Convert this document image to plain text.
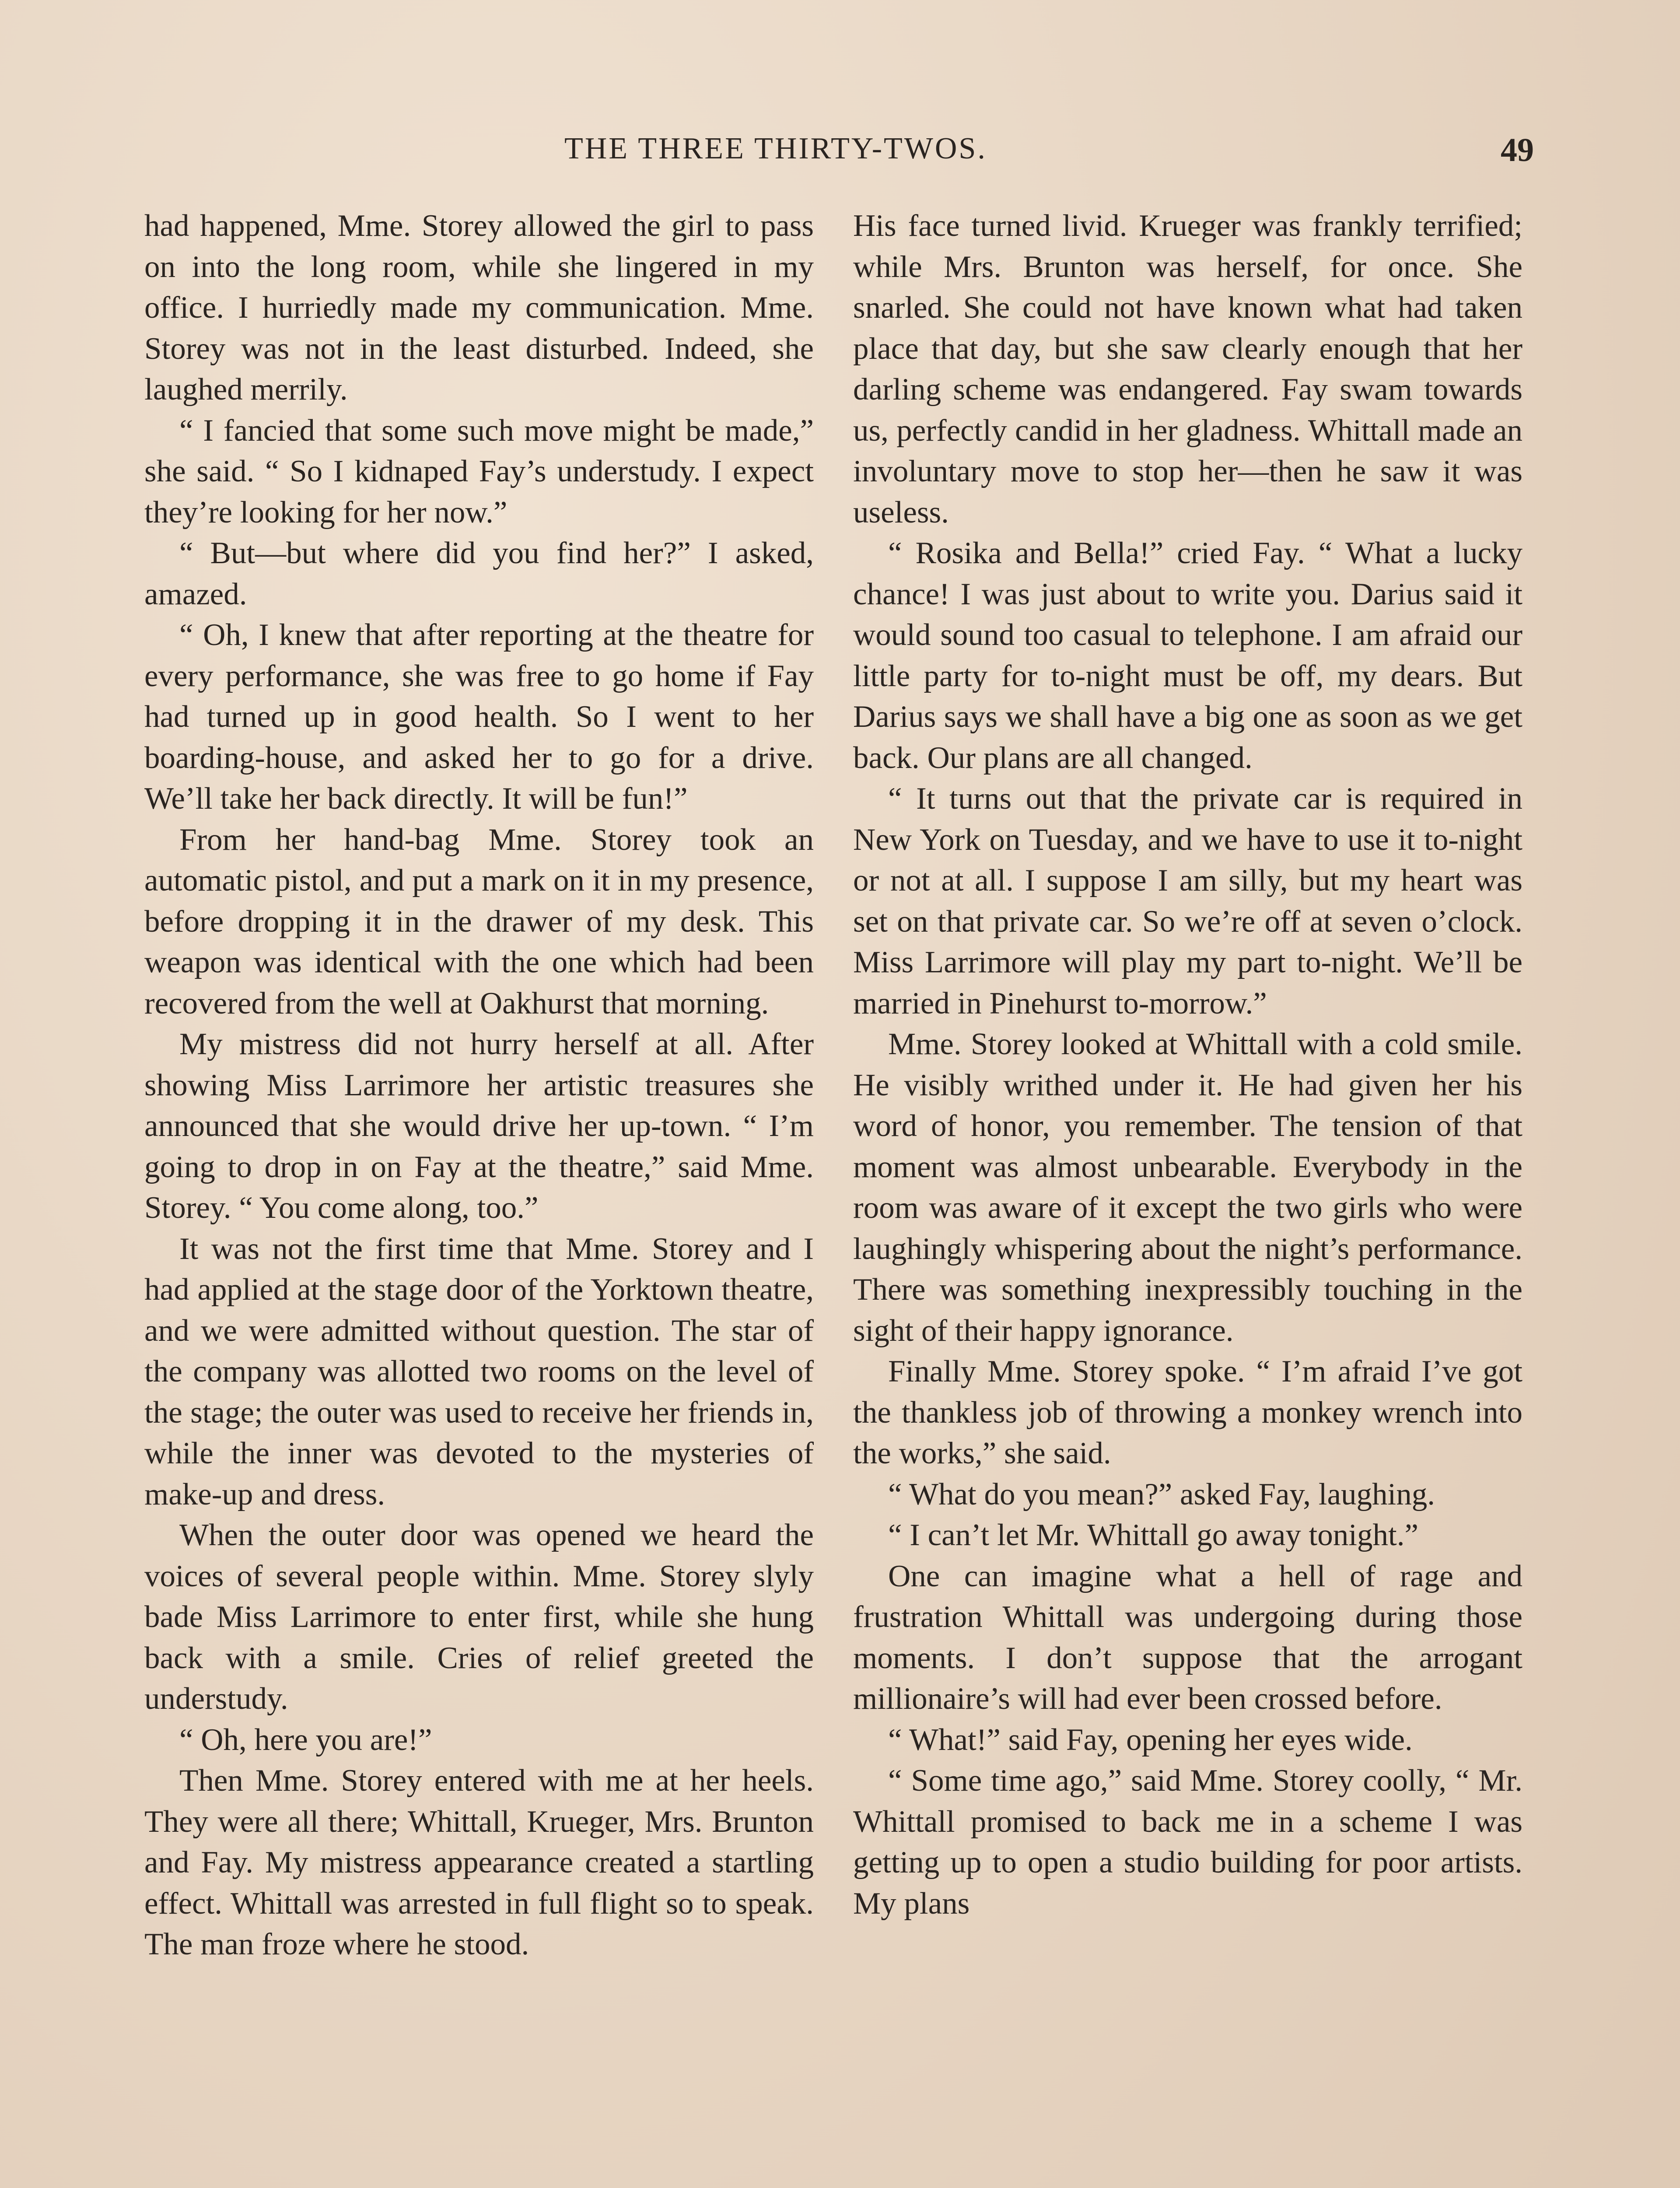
THE THREE THIRTY-TWOS.	49

had happened, Mme. Storey allowed the girl to pass on into the long room, while she lingered in my office. I hurriedly made my communication. Mme. Storey was not in the least disturbed. Indeed, she laughed merrily.

“ I fancied that some such move might be made,” she said. “ So I kidnaped Fay’s understudy. I expect they’re looking for her now.”

“ But—but where did you find her?” I asked, amazed.

“ Oh, I knew that after reporting at the theatre for every performance, she was free to go home if Fay had turned up in good health. So I went to her boarding-house, and asked her to go for a drive. We’ll take her back directly. It will be fun!”

From her hand-bag Mme. Storey took an automatic pistol, and put a mark on it in my presence, before dropping it in the drawer of my desk. This weapon was identical with the one which had been recovered from the well at Oakhurst that morning.

My mistress did not hurry herself at all. After showing Miss Larrimore her artistic treasures she announced that she would drive her up-town. “ I’m going to drop in on Fay at the theatre,” said Mme. Storey. “ You come along, too.”

It was not the first time that Mme. Storey and I had applied at the stage door of the Yorktown theatre, and we were admitted without question. The star of the company was allotted two rooms on the level of the stage; the outer was used to receive her friends in, while the inner was devoted to the mysteries of make-up and dress.

When the outer door was opened we heard the voices of several people within. Mme. Storey slyly bade Miss Larrimore to enter first, while she hung back with a smile. Cries of relief greeted the understudy.

“ Oh, here you are!”

Then Mme. Storey entered with me at her heels. They were all there; Whittall, Krueger, Mrs. Brunton and Fay. My mistress appearance created a startling effect. Whittall was arrested in full flight so to speak. The man froze where he stood.

His face turned livid. Krueger was frankly terrified; while Mrs. Brunton was herself, for once. She snarled. She could not have known what had taken place that day, but she saw clearly enough that her darling scheme was endangered. Fay swam towards us, perfectly candid in her gladness. Whittall made an involuntary move to stop her—then he saw it was useless.

“ Rosika and Bella!” cried Fay. “ What a lucky chance! I was just about to write you. Darius said it would sound too casual to telephone. I am afraid our little party for to-night must be off, my dears. But Darius says we shall have a big one as soon as we get back. Our plans are all changed.

“ It turns out that the private car is required in New York on Tuesday, and we have to use it to-night or not at all. I suppose I am silly, but my heart was set on that private car. So we’re off at seven o’clock. Miss Larrimore will play my part to-night. We’ll be married in Pinehurst to-morrow.”

Mme. Storey looked at Whittall with a cold smile. He visibly writhed under it. He had given her his word of honor, you remember. The tension of that moment was almost unbearable. Everybody in the room was aware of it except the two girls who were laughingly whispering about the night’s performance. There was something inexpressibly touching in the sight of their happy ignorance.

Finally Mme. Storey spoke. “ I’m afraid I’ve got the thankless job of throwing a monkey wrench into the works,” she said.

“ What do you mean?” asked Fay, laughing.

“ I can’t let Mr. Whittall go away tonight.”

One can imagine what a hell of rage and frustration Whittall was undergoing during those moments. I don’t suppose that the arrogant millionaire’s will had ever been crossed before.

“ What!” said Fay, opening her eyes wide.

“ Some time ago,” said Mme. Storey coolly, “ Mr. Whittall promised to back me in a scheme I was getting up to open a studio building for poor artists. My plans
